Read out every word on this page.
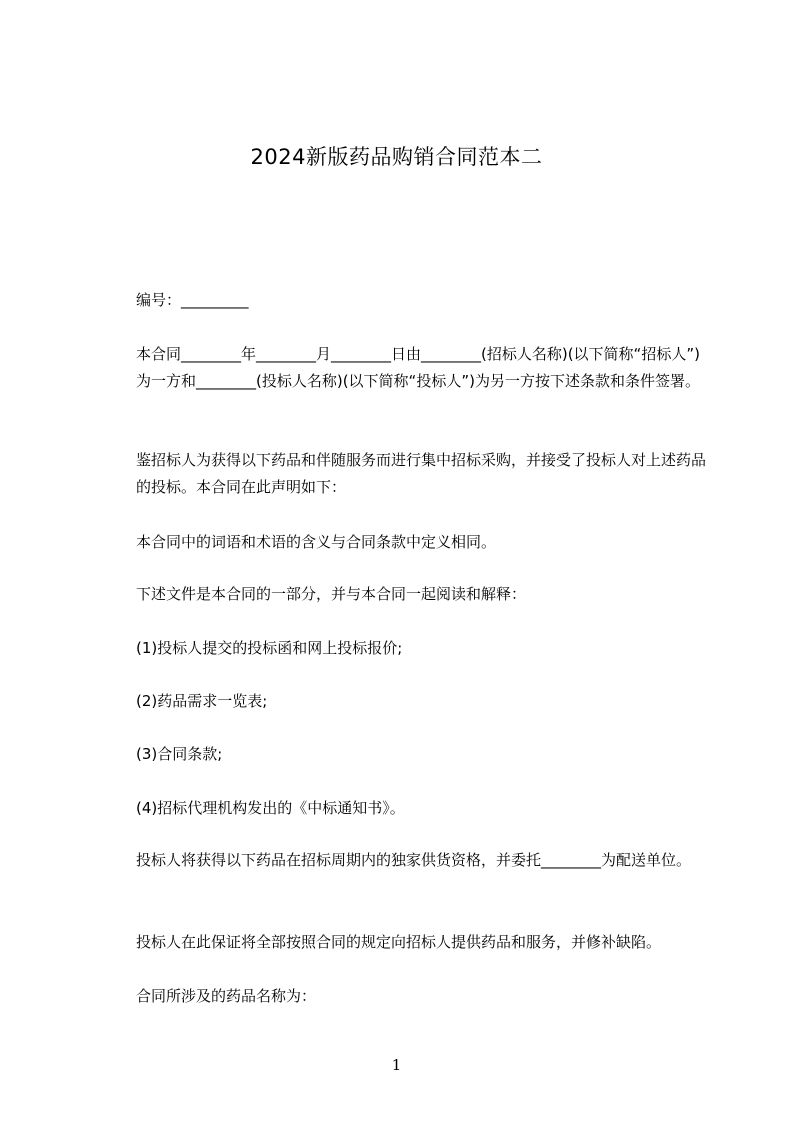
2024新版药品购销合同范本二
编号：_________
本合同________年________月________日由________(招标人名称)(以下简称“招标人”)为一方和________(投标人名称)(以下简称“投标人”)为另一方按下述条款和条件签署。
鉴招标人为获得以下药品和伴随服务而进行集中招标采购，并接受了投标人对上述药品的投标。本合同在此声明如下：
本合同中的词语和术语的含义与合同条款中定义相同。
下述文件是本合同的一部分，并与本合同一起阅读和解释：
(1)投标人提交的投标函和网上投标报价;
(2)药品需求一览表;
(3)合同条款;
(4)招标代理机构发出的《中标通知书》。
投标人将获得以下药品在招标周期内的独家供货资格，并委托________为配送单位。
投标人在此保证将全部按照合同的规定向招标人提供药品和服务，并修补缺陷。
合同所涉及的药品名称为：
1
